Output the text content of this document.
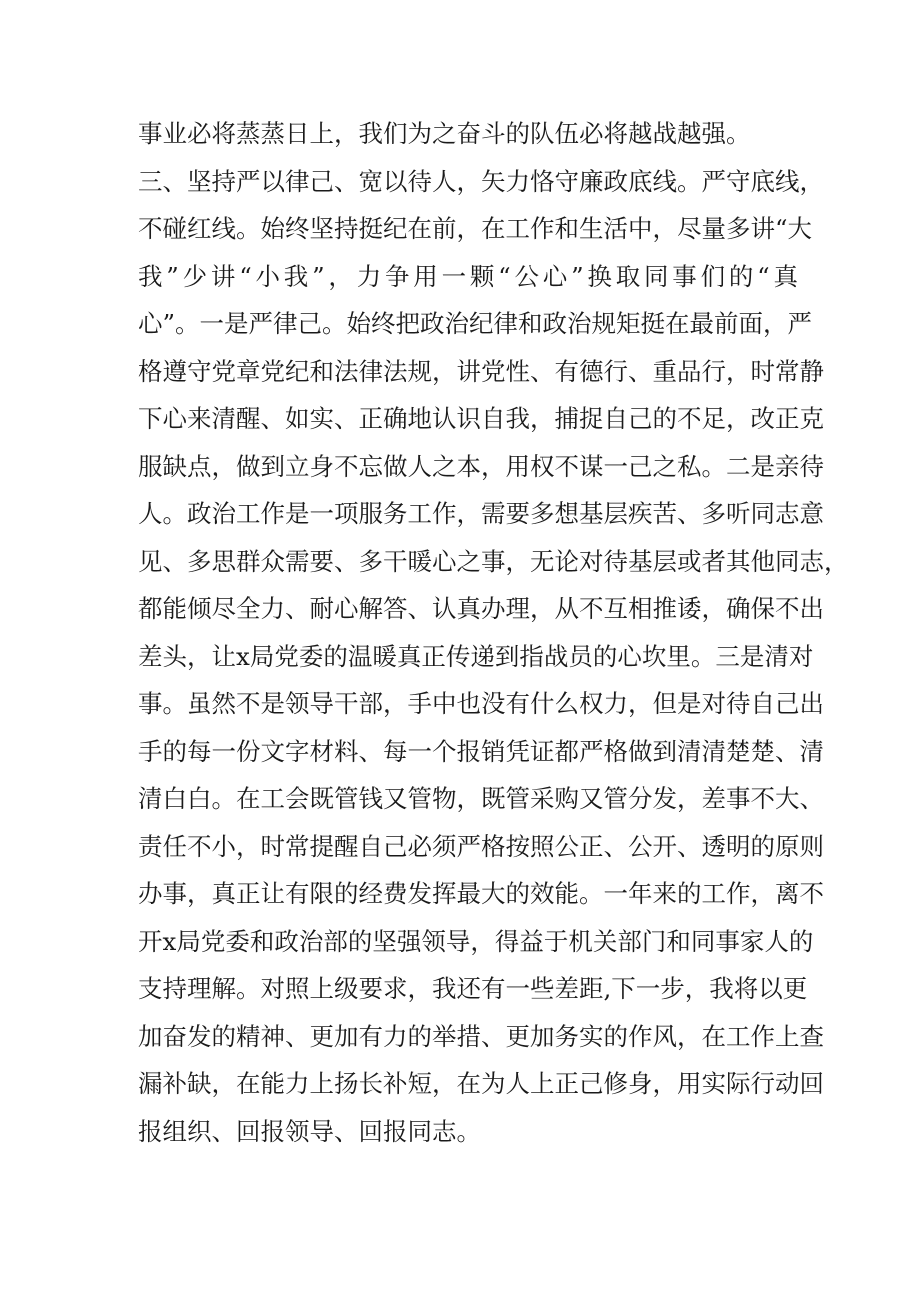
事业必将蒸蒸日上，我们为之奋斗的队伍必将越战越强。
三、坚持严以律己、宽以待人，矢力恪守廉政底线。严守底线，
不碰红线。始终坚持挺纪在前，在工作和生活中，尽量多讲“大
我”少讲“小我”，力争用一颗“公心”换取同事们的“真
心”。一是严律己。始终把政治纪律和政治规矩挺在最前面，严
格遵守党章党纪和法律法规，讲党性、有德行、重品行，时常静
下心来清醒、如实、正确地认识自我，捕捉自己的不足，改正克
服缺点，做到立身不忘做人之本，用权不谋一己之私。二是亲待
人。政治工作是一项服务工作，需要多想基层疾苦、多听同志意
见、多思群众需要、多干暖心之事，无论对待基层或者其他同志，
都能倾尽全力、耐心解答、认真办理，从不互相推诿，确保不出
差头，让x局党委的温暖真正传递到指战员的心坎里。三是清对
事。虽然不是领导干部，手中也没有什么权力，但是对待自己出
手的每一份文字材料、每一个报销凭证都严格做到清清楚楚、清
清白白。在工会既管钱又管物，既管采购又管分发，差事不大、
责任不小，时常提醒自己必须严格按照公正、公开、透明的原则
办事，真正让有限的经费发挥最大的效能。一年来的工作，离不
开x局党委和政治部的坚强领导，得益于机关部门和同事家人的
支持理解。对照上级要求，我还有一些差距,下一步，我将以更
加奋发的精神、更加有力的举措、更加务实的作风，在工作上查
漏补缺，在能力上扬长补短，在为人上正己修身，用实际行动回
报组织、回报领导、回报同志。
